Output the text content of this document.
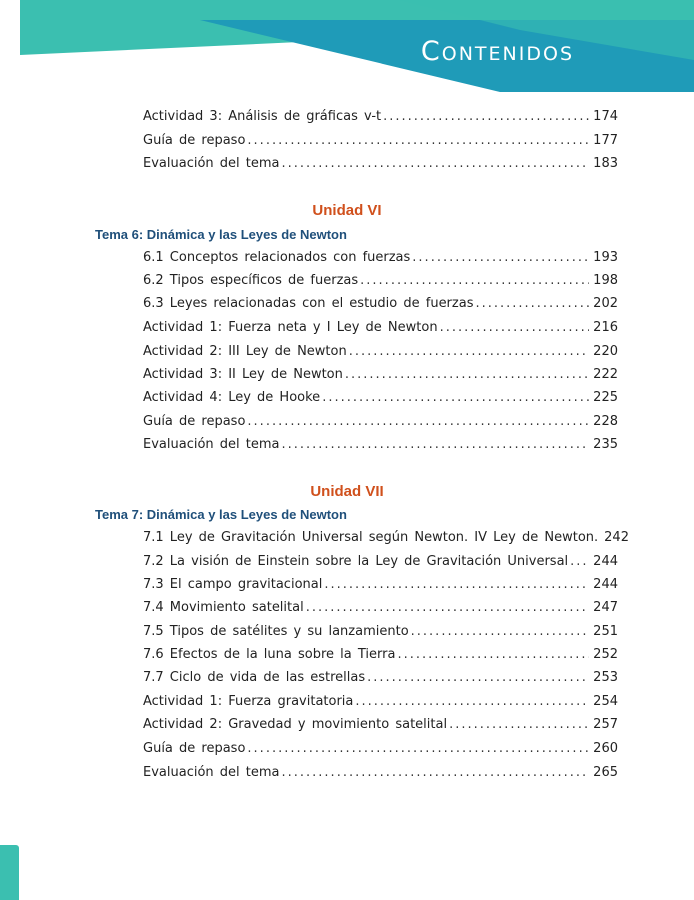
Contenidos
Actividad 3: Análisis de gráficas v-t .....	174
Guía de repaso .....	177
Evaluación del tema .....	183
Unidad VI
Tema 6: Dinámica y las Leyes de Newton
6.1 Conceptos relacionados con fuerzas .....	193
6.2 Tipos específicos de fuerzas .....	198
6.3 Leyes relacionadas con el estudio de fuerzas .....	202
Actividad 1: Fuerza neta y I Ley de Newton .....	216
Actividad 2: III Ley de Newton .....	220
Actividad 3: II Ley de Newton .....	222
Actividad 4: Ley de Hooke .....	225
Guía de repaso .....	228
Evaluación del tema .....	235
Unidad VII
Tema 7: Dinámica y las Leyes de Newton
7.1 Ley de Gravitación Universal según Newton. IV Ley de Newton. 242
7.2 La visión de Einstein sobre la Ley de Gravitación Universal ..... 244
7.3 El campo gravitacional .....	244
7.4 Movimiento satelital .....	247
7.5 Tipos de satélites y su lanzamiento .....	251
7.6 Efectos de la luna sobre la Tierra .....	252
7.7 Ciclo de vida de las estrellas .....	253
Actividad 1: Fuerza gravitatoria .....	254
Actividad 2: Gravedad y movimiento satelital .....	257
Guía de repaso .....	260
Evaluación del tema .....	265
